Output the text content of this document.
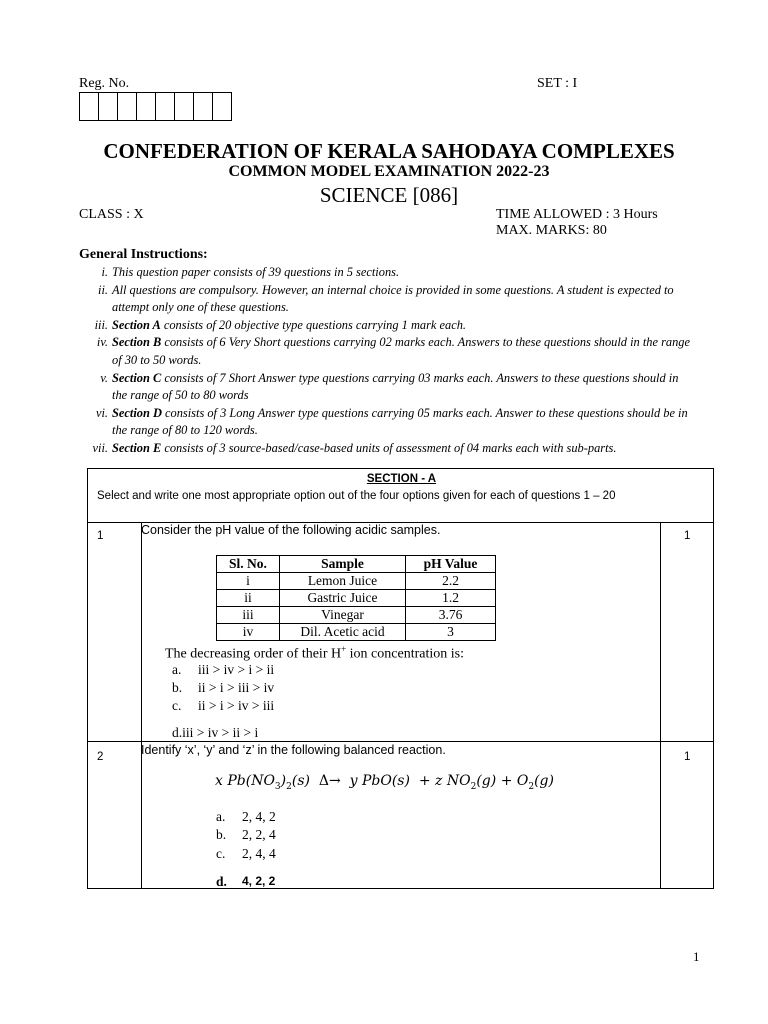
Reg. No.	SET : I
CONFEDERATION OF KERALA SAHODAYA COMPLEXES
COMMON MODEL EXAMINATION 2022-23
SCIENCE [086]
CLASS : X	TIME ALLOWED : 3 Hours
MAX. MARKS: 80
General Instructions:
i. This question paper consists of 39 questions in 5 sections.
ii. All questions are compulsory. However, an internal choice is provided in some questions. A student is expected to attempt only one of these questions.
iii. Section A consists of 20 objective type questions carrying 1 mark each.
iv. Section B consists of 6 Very Short questions carrying 02 marks each. Answers to these questions should in the range of 30 to 50 words.
v. Section C consists of 7 Short Answer type questions carrying 03 marks each. Answers to these questions should in the range of 50 to 80 words
vi. Section D consists of 3 Long Answer type questions carrying 05 marks each. Answer to these questions should be in the range of 80 to 120 words.
vii. Section E consists of 3 source-based/case-based units of assessment of 04 marks each with sub-parts.
SECTION - A
Select and write one most appropriate option out of the four options given for each of questions 1 – 20
1	1
Consider the pH value of the following acidic samples.
Sl. No.	Sample	pH Value
i	Lemon Juice	2.2
ii	Gastric Juice	1.2
iii	Vinegar	3.76
iv	Dil. Acetic acid	3
The decreasing order of their H+ ion concentration is:
a.	iii > iv > i > ii
b.	ii > i > iii > iv
c.	ii > i > iv > iii
d.iii > iv > ii > i
2	1
Identify ‘x’, ‘y’ and ‘z’ in the following balanced reaction.
x $Pb(NO_3)_2(s)$  Δ→  y PbO(s)  + z $NO_2(g) + O_2(g)$
a.	2, 4, 2
b.	2, 2, 4
c.	2, 4, 4
d.	4, 2, 2
1
